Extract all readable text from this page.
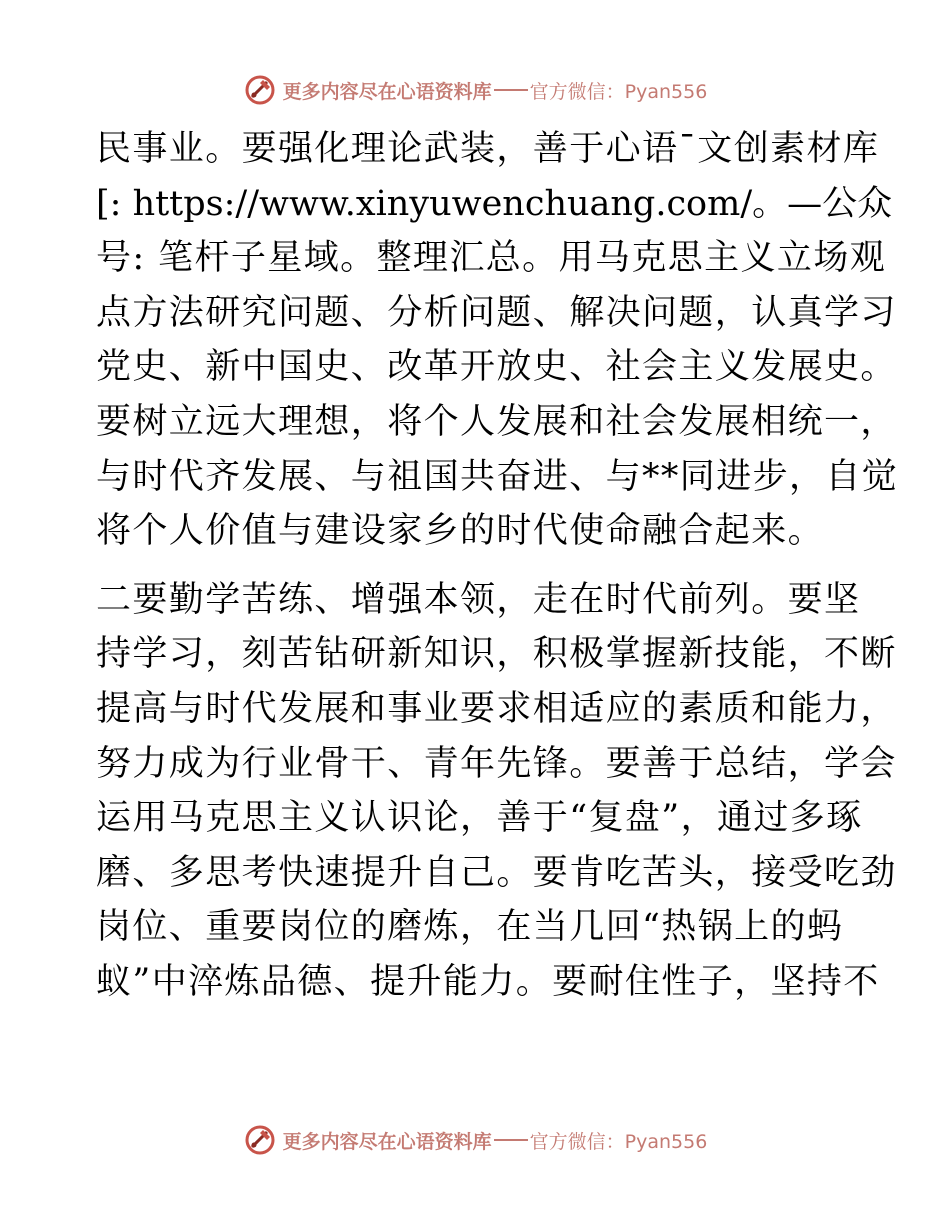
更多内容尽在心语资料库 官方微信：Pyan556
民事业。要强化理论武装，善于心语¯文创素材库
[: https://www.xinyuwenchuang.com/。—公众
号: 笔杆子星域。整理汇总。用马克思主义立场观
点方法研究问题、分析问题、解决问题，认真学习
党史、新中国史、改革开放史、社会主义发展史。
要树立远大理想，将个人发展和社会发展相统一，
与时代齐发展、与祖国共奋进、与**同进步，自觉
将个人价值与建设家乡的时代使命融合起来。
二要勤学苦练、增强本领，走在时代前列。要坚
持学习，刻苦钻研新知识，积极掌握新技能，不断
提高与时代发展和事业要求相适应的素质和能力，
努力成为行业骨干、青年先锋。要善于总结，学会
运用马克思主义认识论，善于“复盘”，通过多琢
磨、多思考快速提升自己。要肯吃苦头，接受吃劲
岗位、重要岗位的磨炼，在当几回“热锅上的蚂
蚁”中淬炼品德、提升能力。要耐住性子，坚持不
更多内容尽在心语资料库 官方微信：Pyan556
